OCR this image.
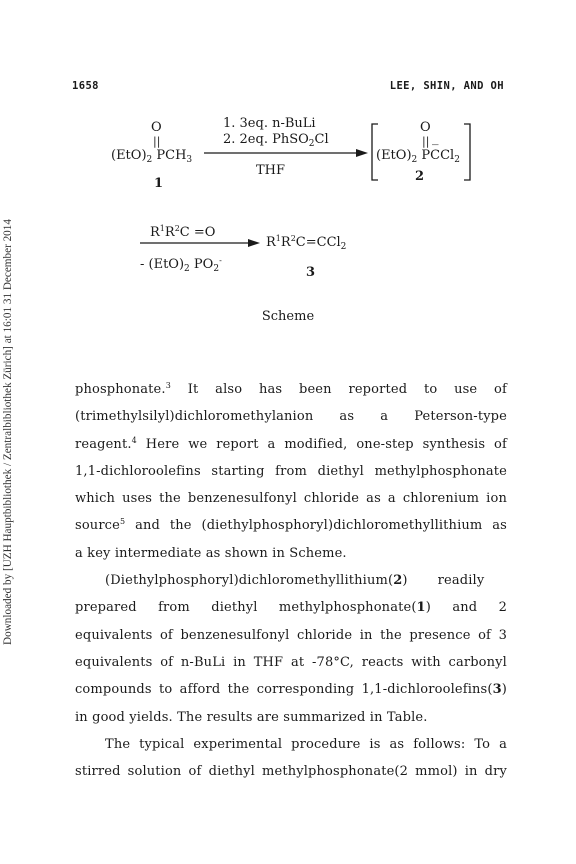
Downloaded by [UZH Hauptbibliothek / Zentralbibliothek Zürich] at 16:01 31 December 2014
1658	LEE, SHIN, AND OH
O
||
$(EtO)_2$ $PCH_3$
1
1. 3eq. n-BuLi
2. 2eq. PhSO$_2$Cl
THF
O
|| _
$(EtO)_2$ PCCl$_2$
2
$R^1R^2C =O$
- $(EtO)_2$ $PO_2^-$
$R^1R^2C=CCl_2$
3
Scheme

phosphonate.$^3$ It also has been reported to use of

(trimethylsilyl)dichloromethylanion as a Peterson-type

reagent.$^4$ Here we report a modified, one-step synthesis of

1,1-dichloroolefins starting from diethyl methylphosphonate

which uses the benzenesulfonyl chloride as a chlorenium ion

source$^5$ and the (diethylphosphoryl)dichloromethyllithium as

a key intermediate as shown in Scheme.

(Diethylphosphoryl)dichloromethyllithium(2)       readily

prepared from diethyl methylphosphonate(1) and 2

equivalents of benzenesulfonyl chloride in the presence of 3

equivalents of n-BuLi in THF at -78°C, reacts with carbonyl

compounds to afford the corresponding 1,1-dichloroolefins(3)

in good yields. The results are summarized in Table.

The typical experimental procedure is as follows: To a

stirred solution of diethyl methylphosphonate(2 mmol) in dry
